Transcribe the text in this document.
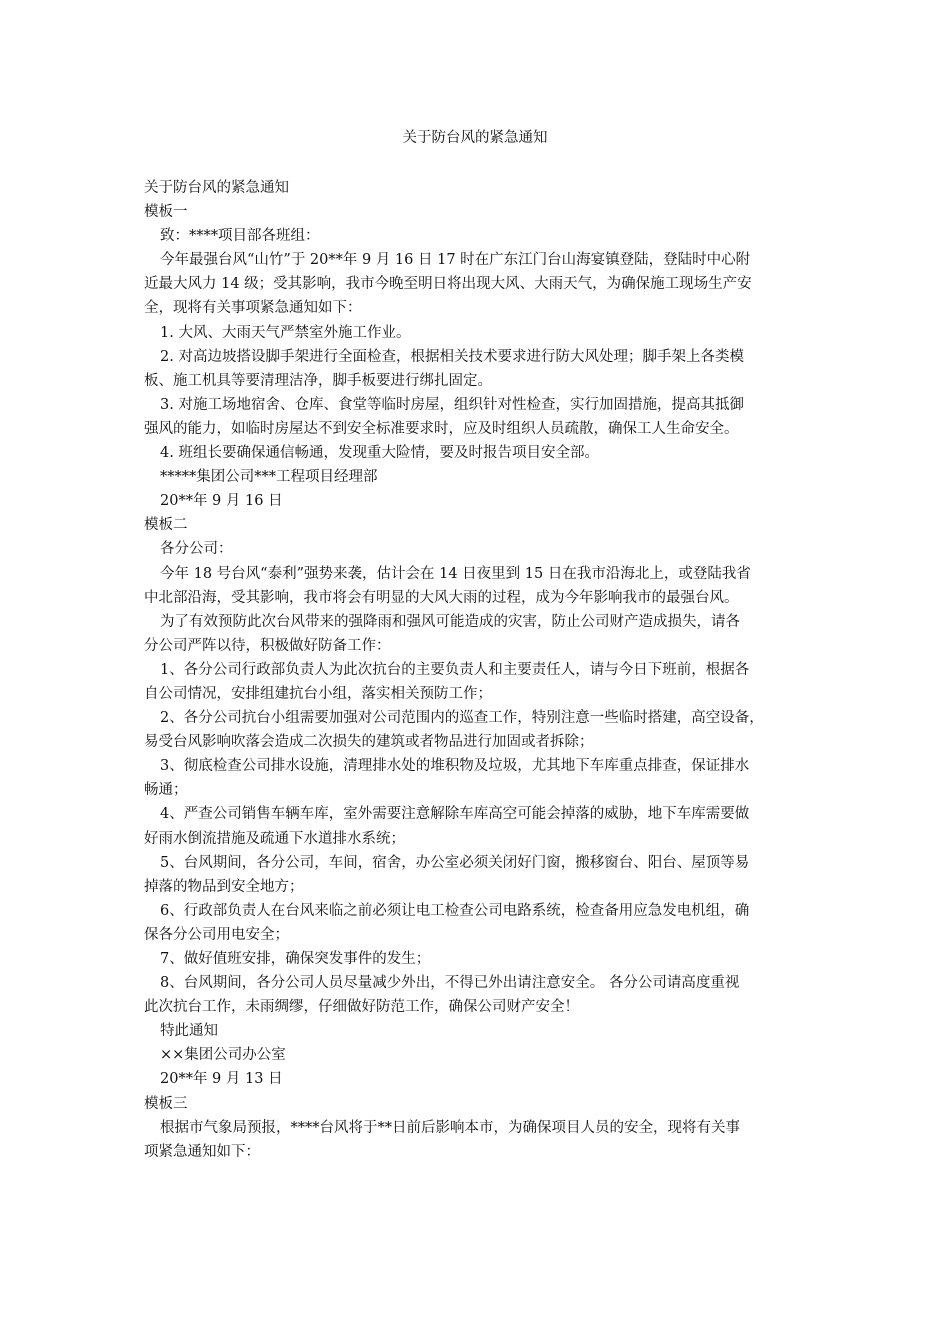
关于防台风的紧急通知
关于防台风的紧急通知
模板一
致：****项目部各班组：
今年最强台风“山竹”于 20**年 9 月 16 日 17 时在广东江门台山海宴镇登陆，登陆时中心附
近最大风力 14 级；受其影响，我市今晚至明日将出现大风、大雨天气，为确保施工现场生产安
全，现将有关事项紧急通知如下：
1. 大风、大雨天气严禁室外施工作业。
2. 对高边坡搭设脚手架进行全面检查，根据相关技术要求进行防大风处理；脚手架上各类模
板、施工机具等要清理洁净，脚手板要进行绑扎固定。
3. 对施工场地宿舍、仓库、食堂等临时房屋，组织针对性检查，实行加固措施，提高其抵御
强风的能力，如临时房屋达不到安全标准要求时，应及时组织人员疏散，确保工人生命安全。
4. 班组长要确保通信畅通，发现重大险情，要及时报告项目安全部。
*****集团公司***工程项目经理部
20**年 9 月 16 日
模板二
各分公司：
今年 18 号台风“泰利”强势来袭，估计会在 14 日夜里到 15 日在我市沿海北上，或登陆我省
中北部沿海，受其影响，我市将会有明显的大风大雨的过程，成为今年影响我市的最强台风。
为了有效预防此次台风带来的强降雨和强风可能造成的灾害，防止公司财产造成损失，请各
分公司严阵以待，积极做好防备工作：
1、各分公司行政部负责人为此次抗台的主要负责人和主要责任人，请与今日下班前，根据各
自公司情况，安排组建抗台小组，落实相关预防工作；
2、各分公司抗台小组需要加强对公司范围内的巡查工作，特别注意一些临时搭建，高空设备，
易受台风影响吹落会造成二次损失的建筑或者物品进行加固或者拆除；
3、彻底检查公司排水设施，清理排水处的堆积物及垃圾，尤其地下车库重点排查，保证排水
畅通；
4、严查公司销售车辆车库，室外需要注意解除车库高空可能会掉落的威胁，地下车库需要做
好雨水倒流措施及疏通下水道排水系统；
5、台风期间，各分公司，车间，宿舍，办公室必须关闭好门窗，搬移窗台、阳台、屋顶等易
掉落的物品到安全地方；
6、行政部负责人在台风来临之前必须让电工检查公司电路系统，检查备用应急发电机组，确
保各分公司用电安全；
7、做好值班安排，确保突发事件的发生；
8、台风期间，各分公司人员尽量减少外出，不得已外出请注意安全。 各分公司请高度重视
此次抗台工作，未雨绸缪，仔细做好防范工作，确保公司财产安全！
特此通知
××集团公司办公室
20**年 9 月 13 日
模板三
根据市气象局预报，****台风将于**日前后影响本市，为确保项目人员的安全，现将有关事
项紧急通知如下：
